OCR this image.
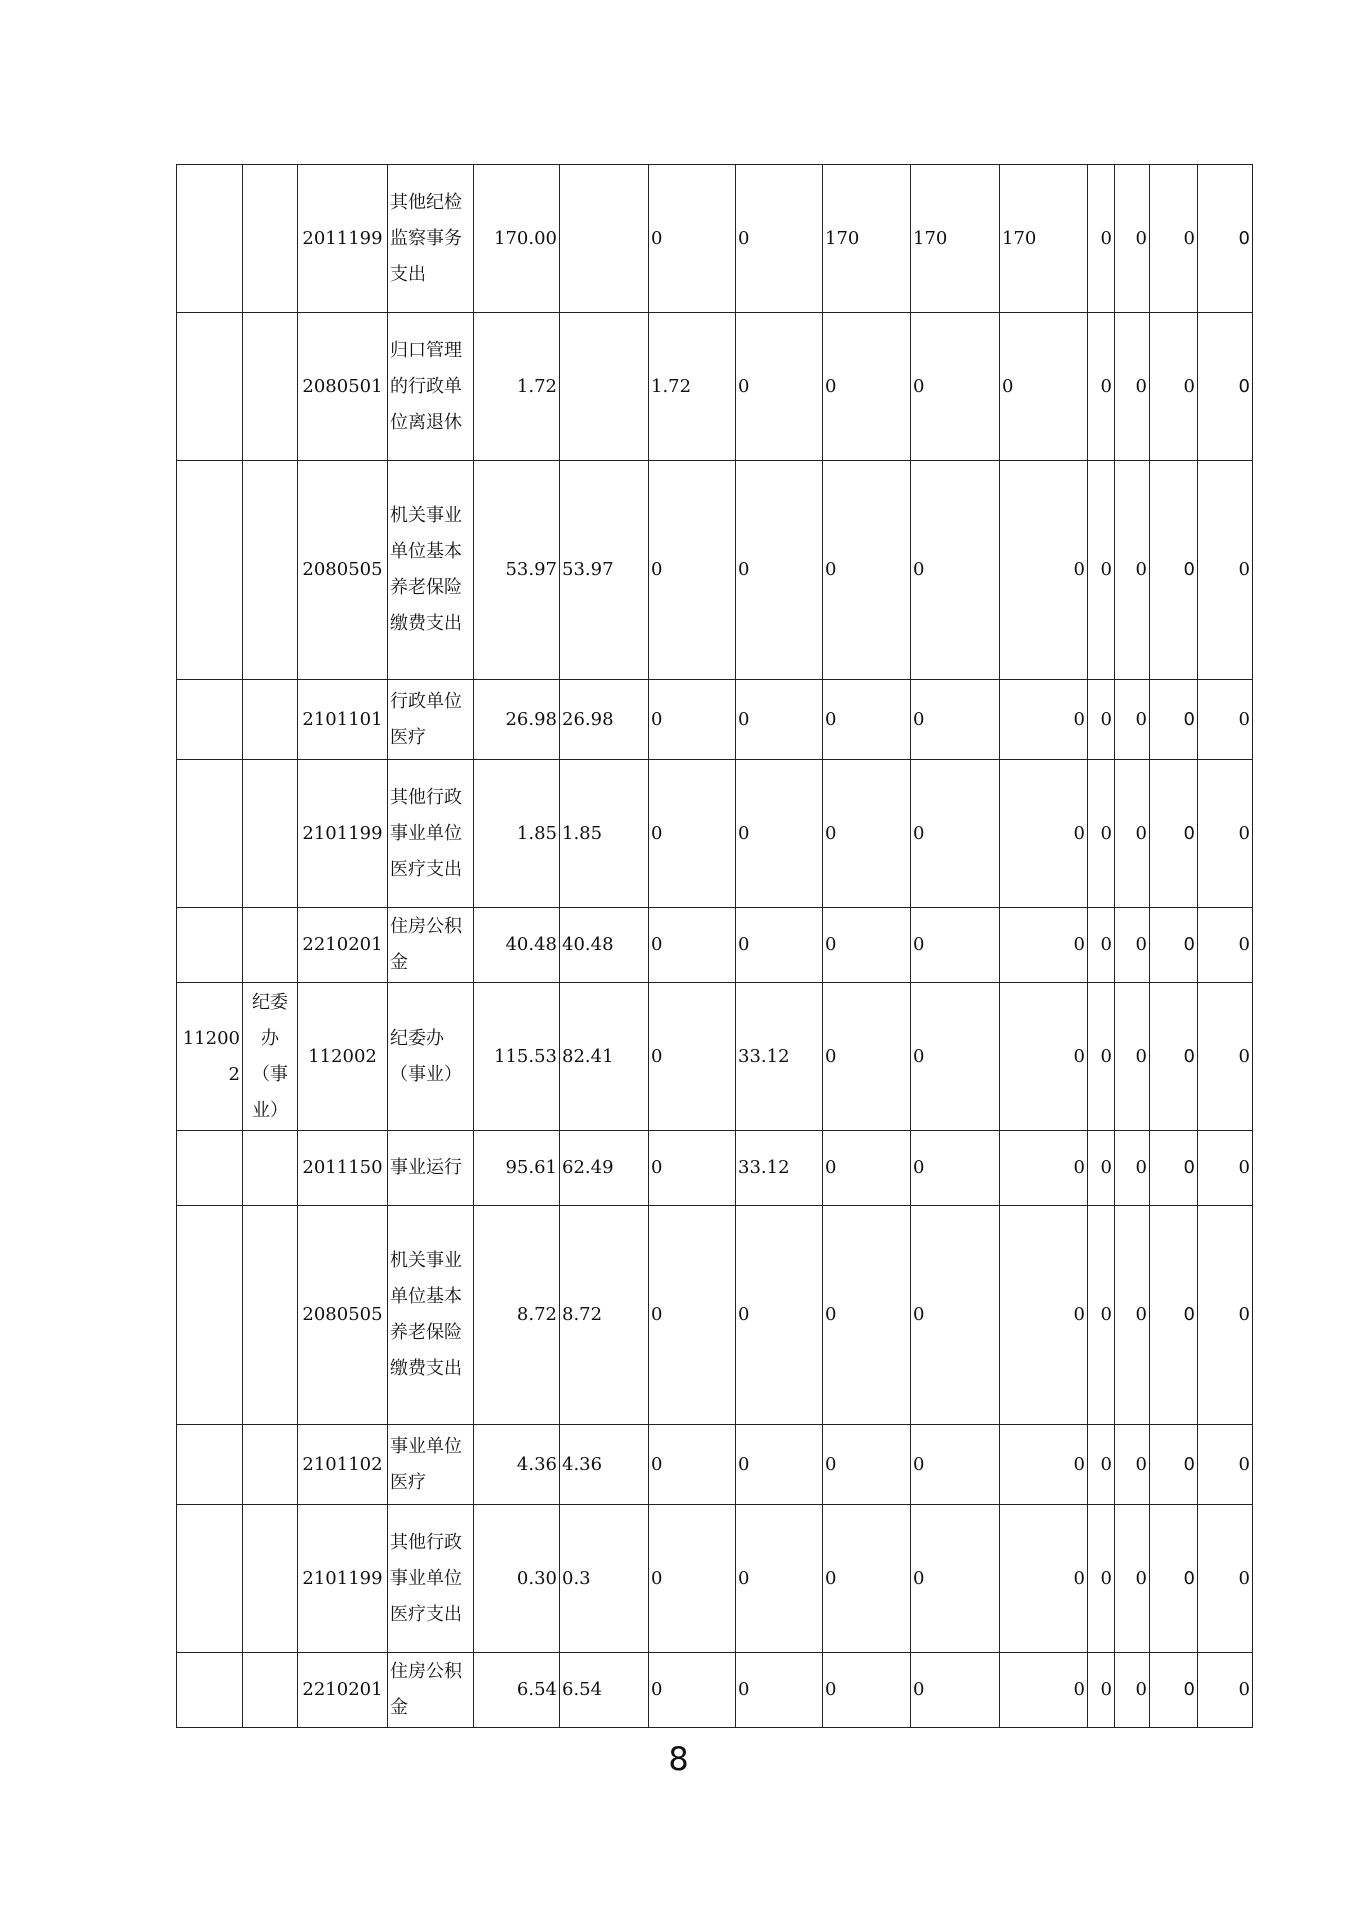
	2011199	其他纪检监察事务支出	170.00		0	0	170	170	170	0	0	0	0

	2080501	归口管理的行政单位离退休	1.72		1.72	0	0	0	0	0	0	0	0

	2080505	机关事业单位基本养老保险缴费支出	53.97	53.97	0	0	0	0	0	0	0	0	0

	2101101	行政单位医疗	26.98	26.98	0	0	0	0	0	0	0	0	0

	2101199	其他行政事业单位医疗支出	1.85	1.85	0	0	0	0	0	0	0	0	0

	2210201	住房公积金	40.48	40.48	0	0	0	0	0	0	0	0	0
112002	纪委办（事业）	112002	纪委办（事业）	115.53	82.41	0	33.12	0	0	0	0	0	0	0

	2011150	事业运行	95.61	62.49	0	33.12	0	0	0	0	0	0	0

	2080505	机关事业单位基本养老保险缴费支出	8.72	8.72	0	0	0	0	0	0	0	0	0

	2101102	事业单位医疗	4.36	4.36	0	0	0	0	0	0	0	0	0

	2101199	其他行政事业单位医疗支出	0.30	0.3	0	0	0	0	0	0	0	0	0

	2210201	住房公积金	6.54	6.54	0	0	0	0	0	0	0	0	0
8
